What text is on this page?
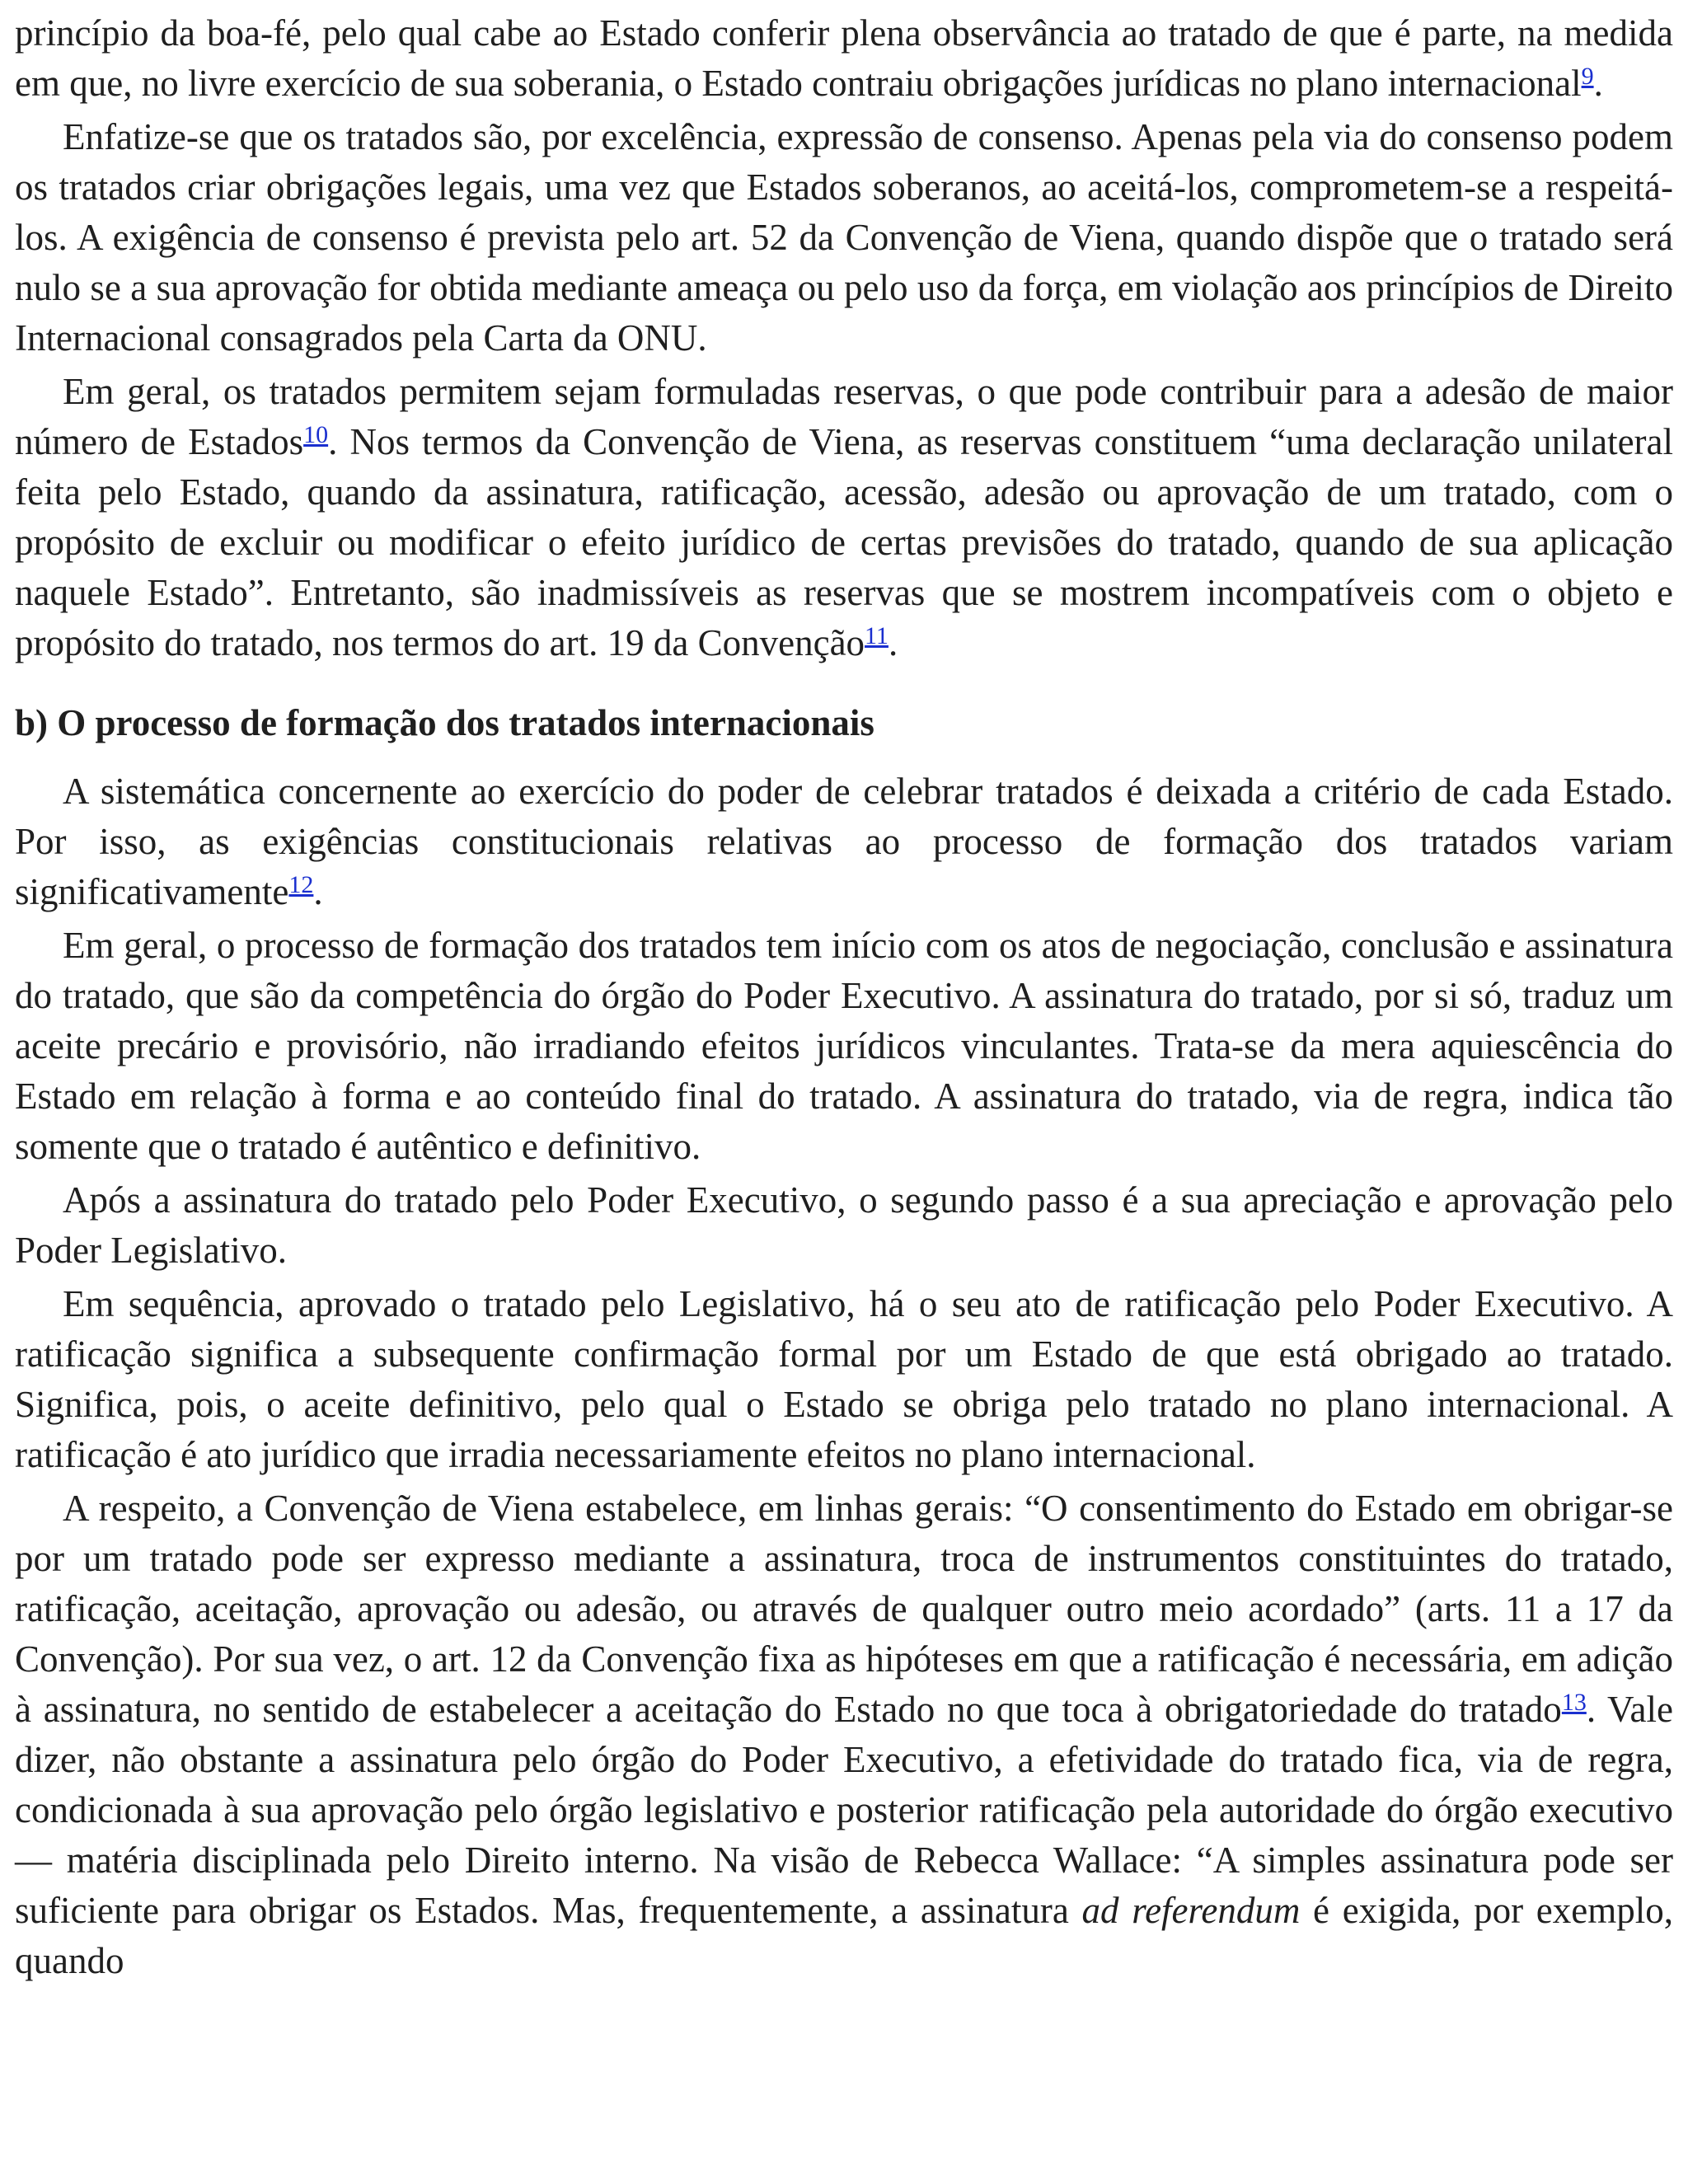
princípio da boa-fé, pelo qual cabe ao Estado conferir plena observância ao tratado de que é parte, na medida em que, no livre exercício de sua soberania, o Estado contraiu obrigações jurídicas no plano internacional$^9$.

Enfatize-se que os tratados são, por excelência, expressão de consenso. Apenas pela via do consenso podem os tratados criar obrigações legais, uma vez que Estados soberanos, ao aceitá-los, comprometem-se a respeitá-los. A exigência de consenso é prevista pelo art. 52 da Convenção de Viena, quando dispõe que o tratado será nulo se a sua aprovação for obtida mediante ameaça ou pelo uso da força, em violação aos princípios de Direito Internacional consagrados pela Carta da ONU.

Em geral, os tratados permitem sejam formuladas reservas, o que pode contribuir para a adesão de maior número de Estados$^{10}$. Nos termos da Convenção de Viena, as reservas constituem “uma declaração unilateral feita pelo Estado, quando da assinatura, ratificação, acessão, adesão ou aprovação de um tratado, com o propósito de excluir ou modificar o efeito jurídico de certas previsões do tratado, quando de sua aplicação naquele Estado”. Entretanto, são inadmissíveis as reservas que se mostrem incompatíveis com o objeto e propósito do tratado, nos termos do art. 19 da Convenção$^{11}$.

b) O processo de formação dos tratados internacionais

A sistemática concernente ao exercício do poder de celebrar tratados é deixada a critério de cada Estado. Por isso, as exigências constitucionais relativas ao processo de formação dos tratados variam significativamente$^{12}$.

Em geral, o processo de formação dos tratados tem início com os atos de negociação, conclusão e assinatura do tratado, que são da competência do órgão do Poder Executivo. A assinatura do tratado, por si só, traduz um aceite precário e provisório, não irradiando efeitos jurídicos vinculantes. Trata-se da mera aquiescência do Estado em relação à forma e ao conteúdo final do tratado. A assinatura do tratado, via de regra, indica tão somente que o tratado é autêntico e definitivo.

Após a assinatura do tratado pelo Poder Executivo, o segundo passo é a sua apreciação e aprovação pelo Poder Legislativo.

Em sequência, aprovado o tratado pelo Legislativo, há o seu ato de ratificação pelo Poder Executivo. A ratificação significa a subsequente confirmação formal por um Estado de que está obrigado ao tratado. Significa, pois, o aceite definitivo, pelo qual o Estado se obriga pelo tratado no plano internacional. A ratificação é ato jurídico que irradia necessariamente efeitos no plano internacional.

A respeito, a Convenção de Viena estabelece, em linhas gerais: “O consentimento do Estado em obrigar-se por um tratado pode ser expresso mediante a assinatura, troca de instrumentos constituintes do tratado, ratificação, aceitação, aprovação ou adesão, ou através de qualquer outro meio acordado” (arts. 11 a 17 da Convenção). Por sua vez, o art. 12 da Convenção fixa as hipóteses em que a ratificação é necessária, em adição à assinatura, no sentido de estabelecer a aceitação do Estado no que toca à obrigatoriedade do tratado$^{13}$. Vale dizer, não obstante a assinatura pelo órgão do Poder Executivo, a efetividade do tratado fica, via de regra, condicionada à sua aprovação pelo órgão legislativo e posterior ratificação pela autoridade do órgão executivo — matéria disciplinada pelo Direito interno. Na visão de Rebecca Wallace: “A simples assinatura pode ser suficiente para obrigar os Estados. Mas, frequentemente, a assinatura ad referendum é exigida, por exemplo, quando
